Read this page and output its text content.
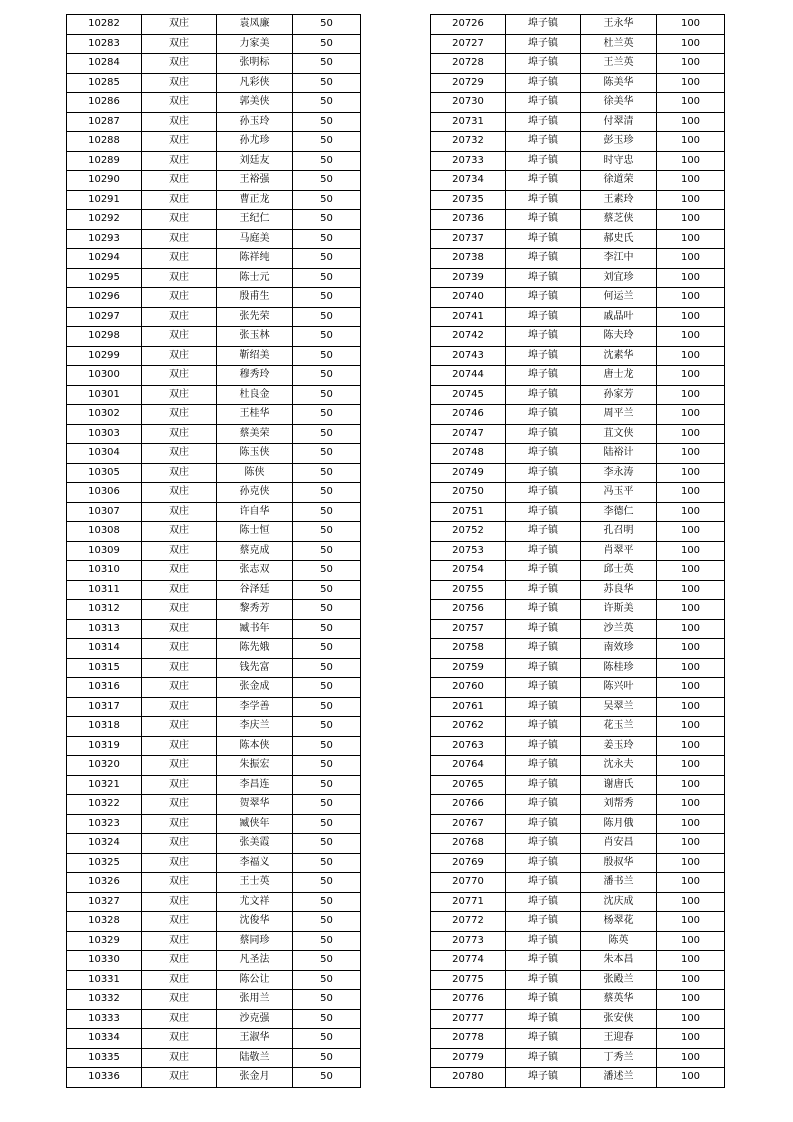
10282	双庄	袁凤廉	50
10283	双庄	力家美	50
10284	双庄	张明标	50
10285	双庄	凡彩侠	50
10286	双庄	郭美侠	50
10287	双庄	孙玉玲	50
10288	双庄	孙尤珍	50
10289	双庄	刘廷友	50
10290	双庄	王裕强	50
10291	双庄	曹正龙	50
10292	双庄	王纪仁	50
10293	双庄	马庭美	50
10294	双庄	陈祥纯	50
10295	双庄	陈士元	50
10296	双庄	殷甫生	50
10297	双庄	张先荣	50
10298	双庄	张玉林	50
10299	双庄	靳绍美	50
10300	双庄	穆秀玲	50
10301	双庄	杜良金	50
10302	双庄	王桂华	50
10303	双庄	蔡美荣	50
10304	双庄	陈玉侠	50
10305	双庄	陈侠	50
10306	双庄	孙克侠	50
10307	双庄	许自华	50
10308	双庄	陈士恒	50
10309	双庄	蔡克成	50
10310	双庄	张志双	50
10311	双庄	谷泽廷	50
10312	双庄	黎秀芳	50
10313	双庄	臧书年	50
10314	双庄	陈先娥	50
10315	双庄	钱先富	50
10316	双庄	张金成	50
10317	双庄	李学善	50
10318	双庄	李庆兰	50
10319	双庄	陈本侠	50
10320	双庄	朱振宏	50
10321	双庄	李昌连	50
10322	双庄	贺翠华	50
10323	双庄	臧侠年	50
10324	双庄	张美霞	50
10325	双庄	李福义	50
10326	双庄	王士英	50
10327	双庄	尤文祥	50
10328	双庄	沈俊华	50
10329	双庄	蔡同珍	50
10330	双庄	凡圣法	50
10331	双庄	陈公让	50
10332	双庄	张用兰	50
10333	双庄	沙克强	50
10334	双庄	王淑华	50
10335	双庄	陆敬兰	50
10336	双庄	张金月	50
20726	埠子镇	王永华	100
20727	埠子镇	杜兰英	100
20728	埠子镇	王兰英	100
20729	埠子镇	陈美华	100
20730	埠子镇	徐美华	100
20731	埠子镇	付翠清	100
20732	埠子镇	彭玉珍	100
20733	埠子镇	时守忠	100
20734	埠子镇	徐道荣	100
20735	埠子镇	王素玲	100
20736	埠子镇	蔡芝侠	100
20737	埠子镇	郝史氏	100
20738	埠子镇	李江中	100
20739	埠子镇	刘宜珍	100
20740	埠子镇	何运兰	100
20741	埠子镇	戚晶叶	100
20742	埠子镇	陈夫玲	100
20743	埠子镇	沈素华	100
20744	埠子镇	唐士龙	100
20745	埠子镇	孙家芳	100
20746	埠子镇	周平兰	100
20747	埠子镇	苴文侠	100
20748	埠子镇	陆裕计	100
20749	埠子镇	李永涛	100
20750	埠子镇	冯玉平	100
20751	埠子镇	李德仁	100
20752	埠子镇	孔召明	100
20753	埠子镇	肖翠平	100
20754	埠子镇	邱士英	100
20755	埠子镇	苏良华	100
20756	埠子镇	许斯美	100
20757	埠子镇	沙兰英	100
20758	埠子镇	南效珍	100
20759	埠子镇	陈桂珍	100
20760	埠子镇	陈兴叶	100
20761	埠子镇	吴翠兰	100
20762	埠子镇	花玉兰	100
20763	埠子镇	姜玉玲	100
20764	埠子镇	沈永夫	100
20765	埠子镇	谢唐氏	100
20766	埠子镇	刘帮秀	100
20767	埠子镇	陈月俄	100
20768	埠子镇	肖安昌	100
20769	埠子镇	殷叔华	100
20770	埠子镇	潘书兰	100
20771	埠子镇	沈庆成	100
20772	埠子镇	杨翠花	100
20773	埠子镇	陈英	100
20774	埠子镇	朱本昌	100
20775	埠子镇	张殿兰	100
20776	埠子镇	蔡英华	100
20777	埠子镇	张安侠	100
20778	埠子镇	王迎春	100
20779	埠子镇	丁秀兰	100
20780	埠子镇	潘述兰	100
